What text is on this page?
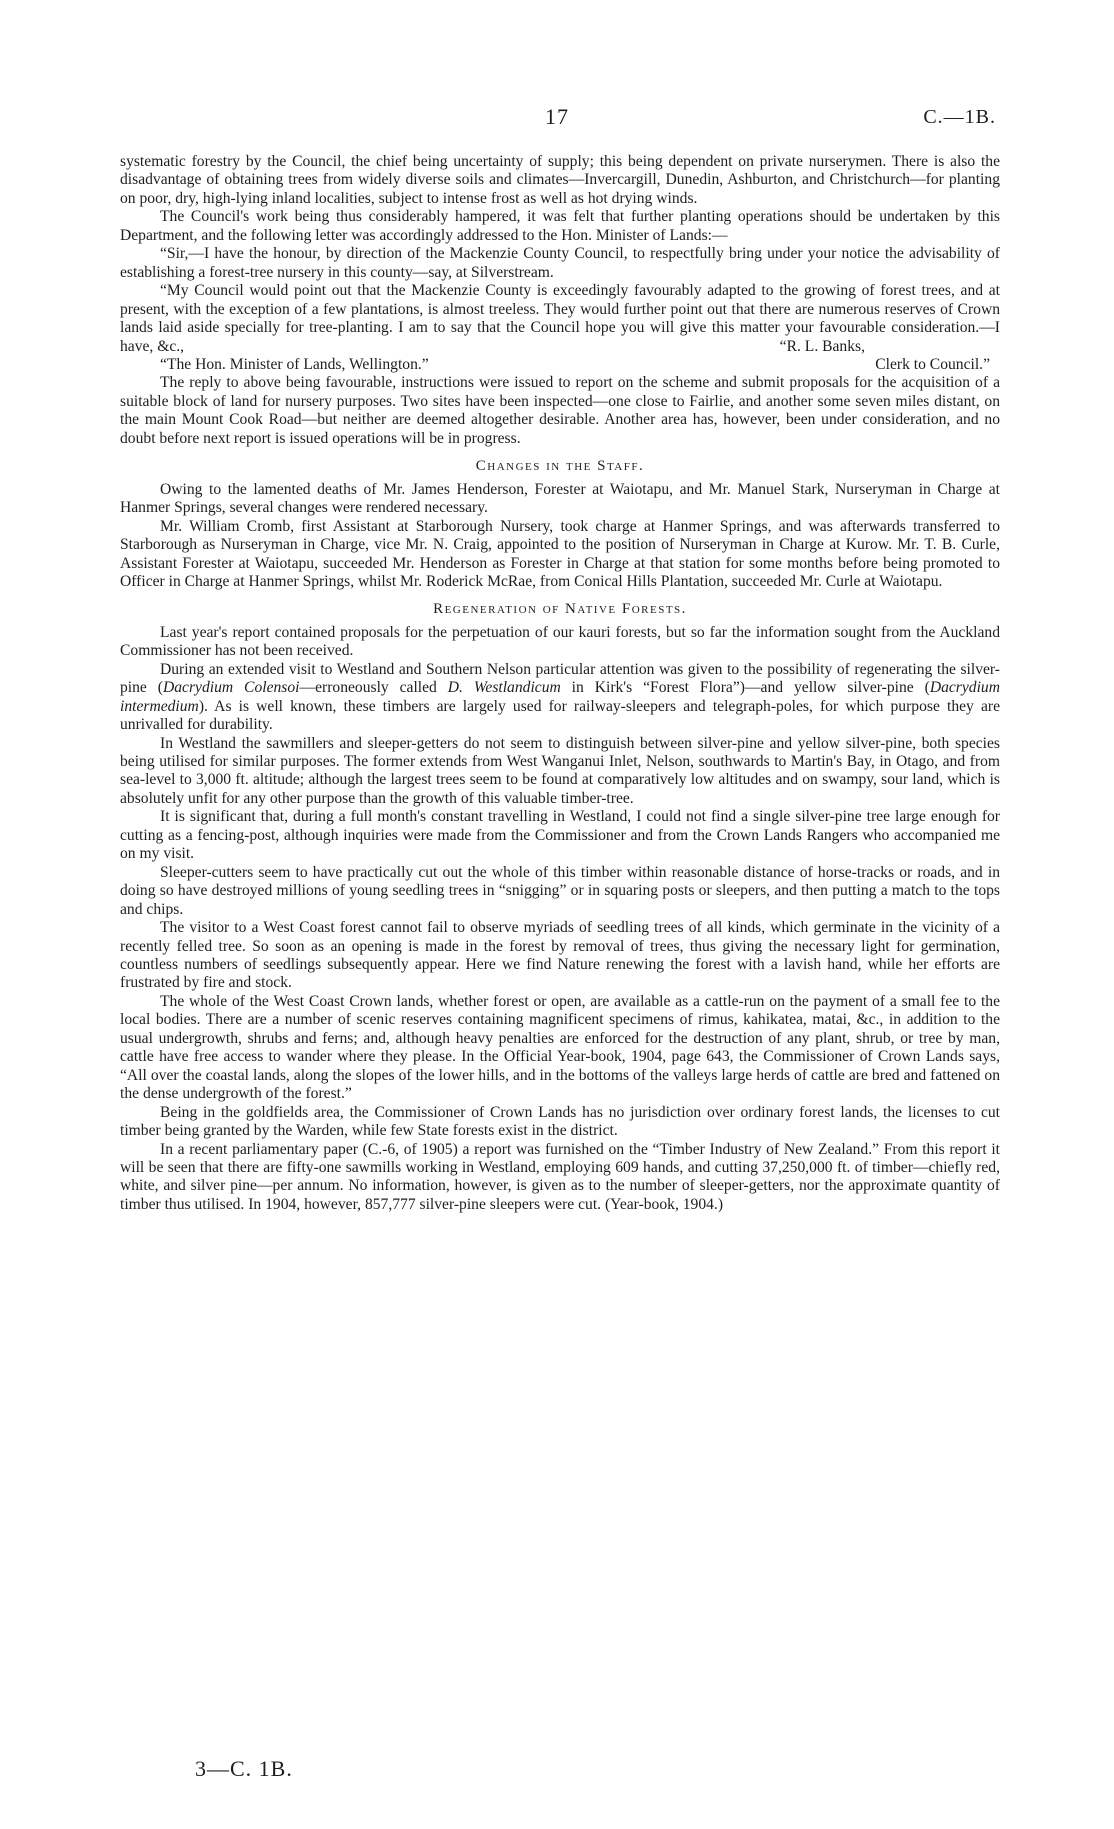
17	C.—1B.

systematic forestry by the Council, the chief being uncertainty of supply; this being dependent on private nurserymen. There is also the disadvantage of obtaining trees from widely diverse soils and climates—Invercargill, Dunedin, Ashburton, and Christchurch—for planting on poor, dry, high-lying inland localities, subject to intense frost as well as hot drying winds.

The Council's work being thus considerably hampered, it was felt that further planting operations should be undertaken by this Department, and the following letter was accordingly addressed to the Hon. Minister of Lands:—

“Sir,—I have the honour, by direction of the Mackenzie County Council, to respectfully bring under your notice the advisability of establishing a forest-tree nursery in this county—say, at Silverstream.

“My Council would point out that the Mackenzie County is exceedingly favourably adapted to the growing of forest trees, and at present, with the exception of a few plantations, is almost treeless. They would further point out that there are numerous reserves of Crown lands laid aside specially for tree-planting. I am to say that the Council hope you will give this matter your favourable consideration.—I have, &c.,	“R. L. Banks,

“The Hon. Minister of Lands, Wellington.”	Clerk to Council.”

The reply to above being favourable, instructions were issued to report on the scheme and submit proposals for the acquisition of a suitable block of land for nursery purposes. Two sites have been inspected—one close to Fairlie, and another some seven miles distant, on the main Mount Cook Road—but neither are deemed altogether desirable. Another area has, however, been under consideration, and no doubt before next report is issued operations will be in progress.

Changes in the Staff.

Owing to the lamented deaths of Mr. James Henderson, Forester at Waiotapu, and Mr. Manuel Stark, Nurseryman in Charge at Hanmer Springs, several changes were rendered necessary.

Mr. William Cromb, first Assistant at Starborough Nursery, took charge at Hanmer Springs, and was afterwards transferred to Starborough as Nurseryman in Charge, vice Mr. N. Craig, appointed to the position of Nurseryman in Charge at Kurow. Mr. T. B. Curle, Assistant Forester at Waiotapu, succeeded Mr. Henderson as Forester in Charge at that station for some months before being promoted to Officer in Charge at Hanmer Springs, whilst Mr. Roderick McRae, from Conical Hills Plantation, succeeded Mr. Curle at Waiotapu.

Regeneration of Native Forests.

Last year's report contained proposals for the perpetuation of our kauri forests, but so far the information sought from the Auckland Commissioner has not been received.

During an extended visit to Westland and Southern Nelson particular attention was given to the possibility of regenerating the silver-pine (Dacrydium Colensoi—erroneously called D. Westlandicum in Kirk's “Forest Flora”)—and yellow silver-pine (Dacrydium intermedium). As is well known, these timbers are largely used for railway-sleepers and telegraph-poles, for which purpose they are unrivalled for durability.

In Westland the sawmillers and sleeper-getters do not seem to distinguish between silver-pine and yellow silver-pine, both species being utilised for similar purposes. The former extends from West Wanganui Inlet, Nelson, southwards to Martin's Bay, in Otago, and from sea-level to 3,000 ft. altitude; although the largest trees seem to be found at comparatively low altitudes and on swampy, sour land, which is absolutely unfit for any other purpose than the growth of this valuable timber-tree.

It is significant that, during a full month's constant travelling in Westland, I could not find a single silver-pine tree large enough for cutting as a fencing-post, although inquiries were made from the Commissioner and from the Crown Lands Rangers who accompanied me on my visit.

Sleeper-cutters seem to have practically cut out the whole of this timber within reasonable distance of horse-tracks or roads, and in doing so have destroyed millions of young seedling trees in “snigging” or in squaring posts or sleepers, and then putting a match to the tops and chips.

The visitor to a West Coast forest cannot fail to observe myriads of seedling trees of all kinds, which germinate in the vicinity of a recently felled tree. So soon as an opening is made in the forest by removal of trees, thus giving the necessary light for germination, countless numbers of seedlings subsequently appear. Here we find Nature renewing the forest with a lavish hand, while her efforts are frustrated by fire and stock.

The whole of the West Coast Crown lands, whether forest or open, are available as a cattle-run on the payment of a small fee to the local bodies. There are a number of scenic reserves containing magnificent specimens of rimus, kahikatea, matai, &c., in addition to the usual undergrowth, shrubs and ferns; and, although heavy penalties are enforced for the destruction of any plant, shrub, or tree by man, cattle have free access to wander where they please. In the Official Year-book, 1904, page 643, the Commissioner of Crown Lands says, “All over the coastal lands, along the slopes of the lower hills, and in the bottoms of the valleys large herds of cattle are bred and fattened on the dense undergrowth of the forest.”

Being in the goldfields area, the Commissioner of Crown Lands has no jurisdiction over ordinary forest lands, the licenses to cut timber being granted by the Warden, while few State forests exist in the district.

In a recent parliamentary paper (C.-6, of 1905) a report was furnished on the “Timber Industry of New Zealand.” From this report it will be seen that there are fifty-one sawmills working in Westland, employing 609 hands, and cutting 37,250,000 ft. of timber—chiefly red, white, and silver pine—per annum. No information, however, is given as to the number of sleeper-getters, nor the approximate quantity of timber thus utilised. In 1904, however, 857,777 silver-pine sleepers were cut. (Year-book, 1904.)

3—C. 1B.
